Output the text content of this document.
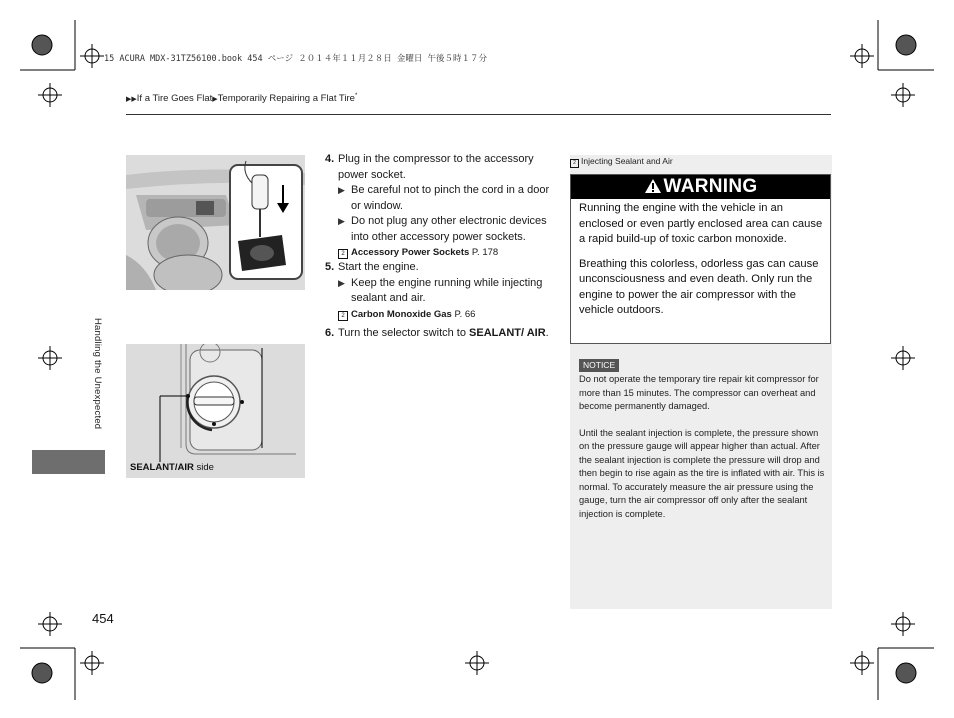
15 ACURA MDX-31TZ56100.book 454 ページ ２０１４年１１月２８日 金曜日 午後５時１７分
▶▶If a Tire Goes Flat▶Temporarily Repairing a Flat Tire*
Handling the Unexpected
4. Plug in the compressor to the accessory power socket.
▶ Be careful not to pinch the cord in a door or window.
▶ Do not plug any other electronic devices into other accessory power sockets.
2 Accessory Power Sockets P. 178
5. Start the engine.
▶ Keep the engine running while injecting sealant and air.
2 Carbon Monoxide Gas P. 66
6. Turn the selector switch to SEALANT/ AIR.
SEALANT/AIR side
2 Injecting Sealant and Air
WARNING

Running the engine with the vehicle in an enclosed or even partly enclosed area can cause a rapid build-up of toxic carbon monoxide.

Breathing this colorless, odorless gas can cause unconsciousness and even death. Only run the engine to power the air compressor with the vehicle outdoors.

NOTICE

Do not operate the temporary tire repair kit compressor for more than 15 minutes. The compressor can overheat and become permanently damaged.

Until the sealant injection is complete, the pressure shown on the pressure gauge will appear higher than actual. After the sealant injection is complete the pressure will drop and then begin to rise again as the tire is inflated with air. This is normal. To accurately measure the air pressure using the gauge, turn the air compressor off only after the sealant injection is complete.

454
